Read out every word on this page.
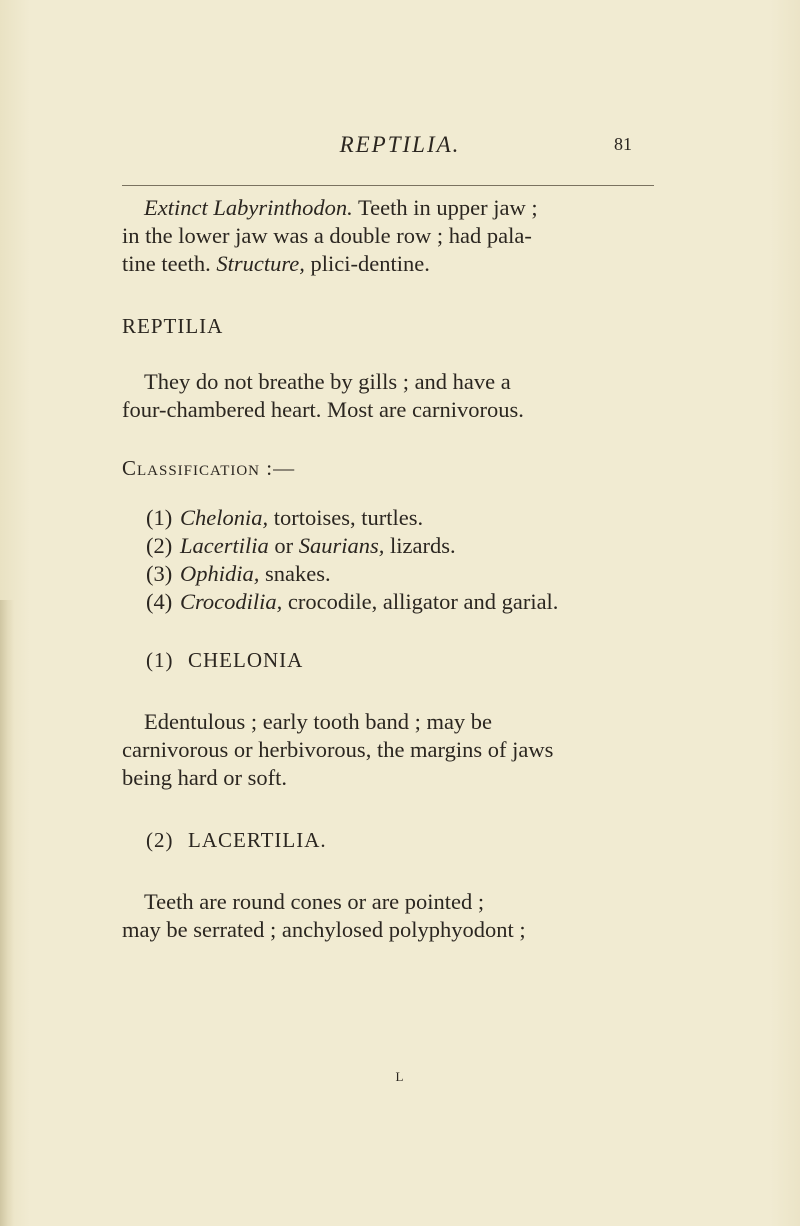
REPTILIA.	81

Extinct Labyrinthodon. Teeth in upper jaw ;
in the lower jaw was a double row ; had pala-
tine teeth. Structure, plici-dentine.

REPTILIA

They do not breathe by gills ; and have a
four-chambered heart. Most are carnivorous.

Classification :—

(1) Chelonia, tortoises, turtles.
(2) Lacertilia or Saurians, lizards.
(3) Ophidia, snakes.
(4) Crocodilia, crocodile, alligator and garial.

(1) CHELONIA

Edentulous ; early tooth band ; may be
carnivorous or herbivorous, the margins of jaws
being hard or soft.

(2) LACERTILIA.

Teeth are round cones or are pointed ;
may be serrated ; anchylosed polyphyodont ;

L
